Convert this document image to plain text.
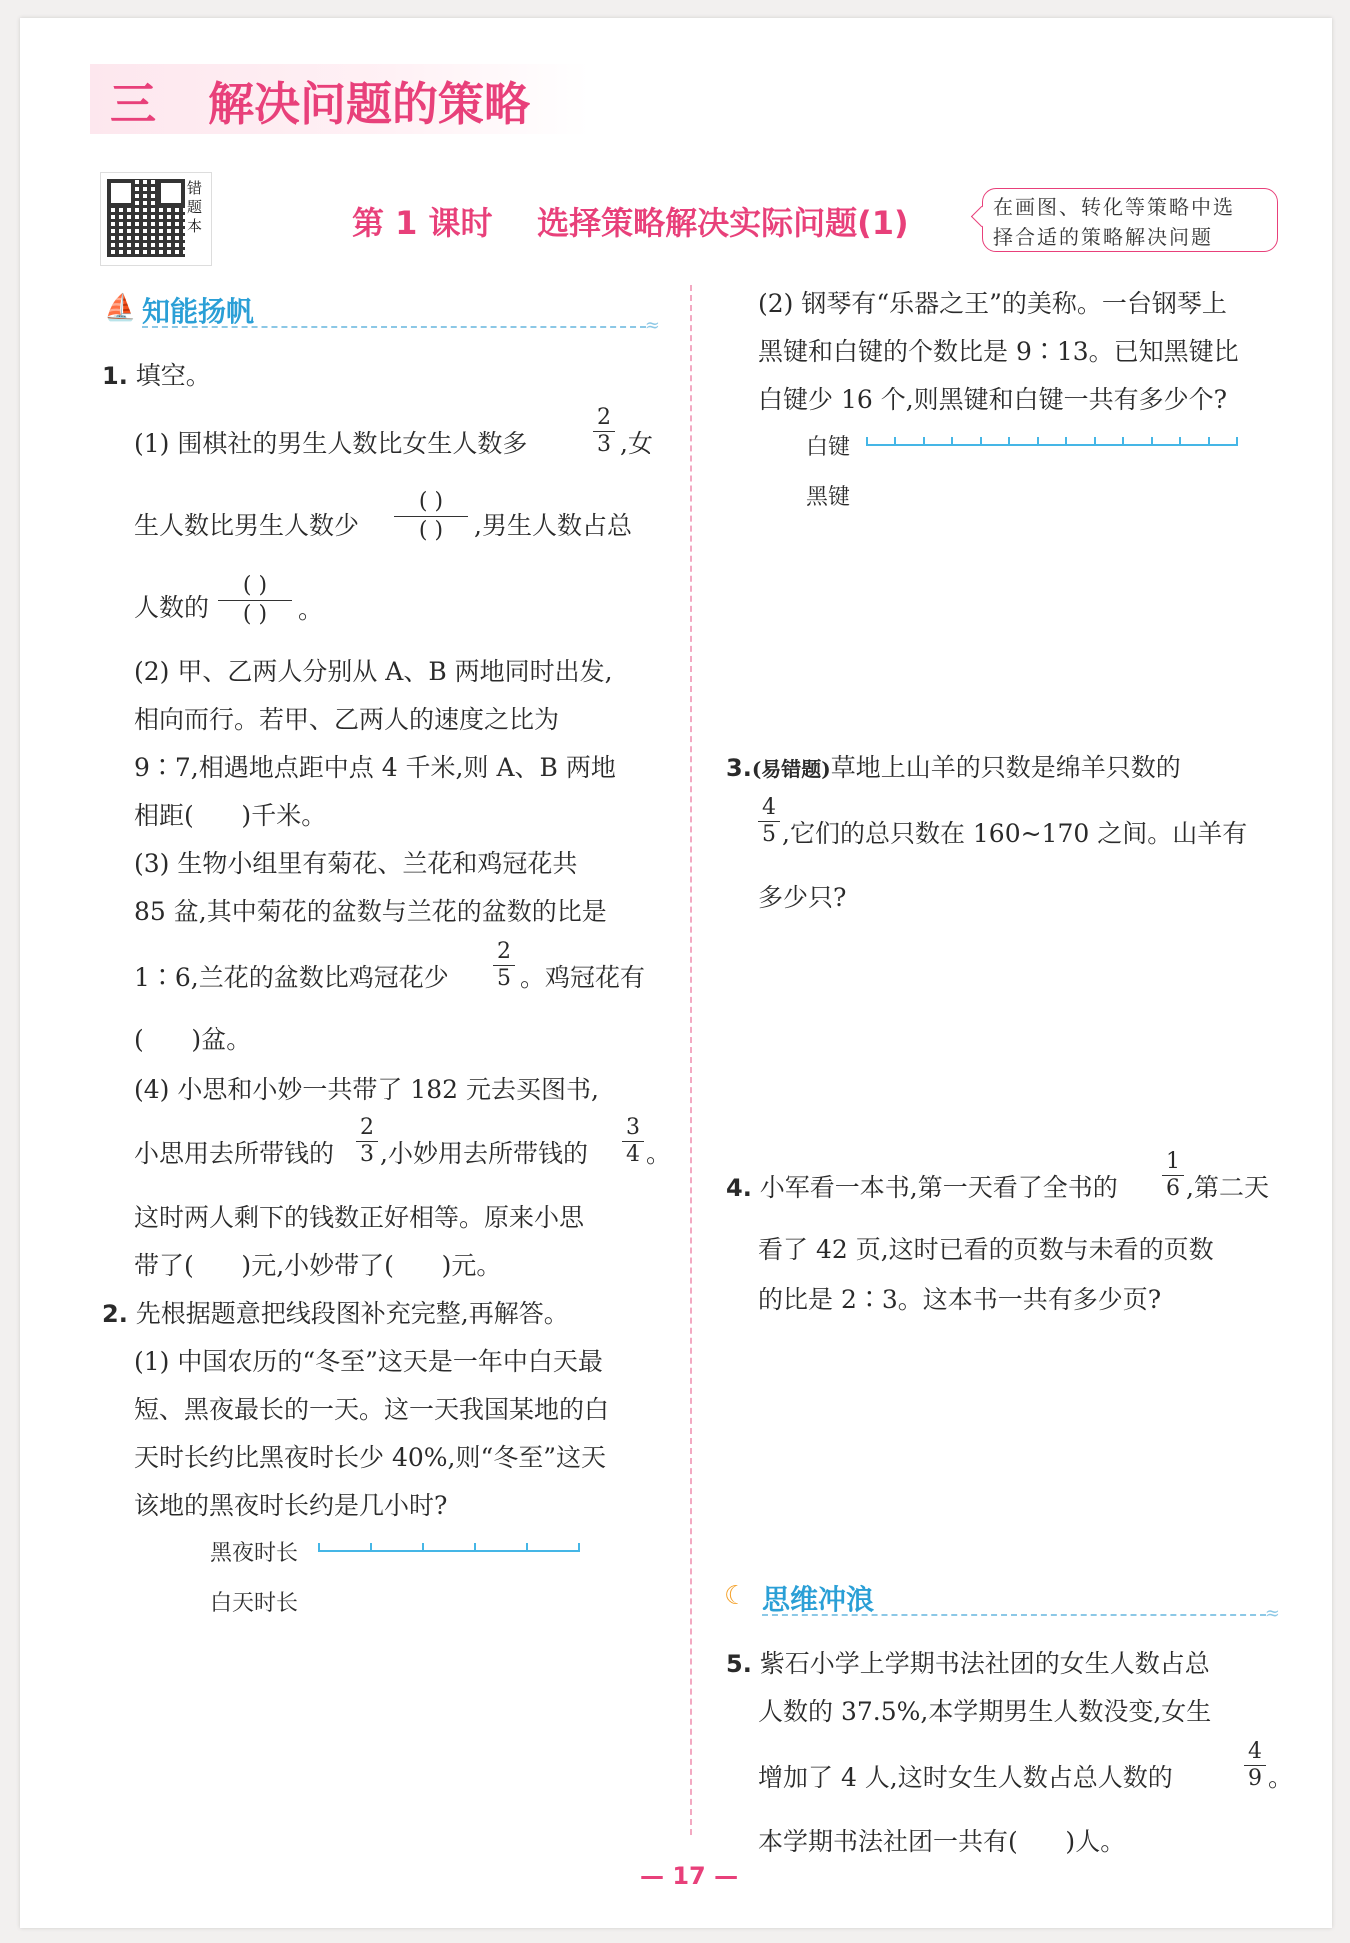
三 解决问题的策略
错题本	第 1 课时    选择策略解决实际问题(1)	在画图、转化等策略中选
择合适的策略解决问题
⛵ 知能扬帆	≈
1. 填空。
(1) 围棋社的男生人数比女生人数多
2
3 ,女
生人数比男生人数少
( )
( )	,男生人数占总
人数的
( )
( )	。
(2) 甲、乙两人分别从 A、B 两地同时出发,
相向而行。若甲、乙两人的速度之比为
9∶7,相遇地点距中点 4 千米,则 A、B 两地
相距(      )千米。
(3) 生物小组里有菊花、兰花和鸡冠花共
85 盆,其中菊花的盆数与兰花的盆数的比是
1∶6,兰花的盆数比鸡冠花少
2
5 。鸡冠花有
(      )盆。
(4) 小思和小妙一共带了 182 元去买图书,
小思用去所带钱的
2
3 ,小妙用去所带钱的
3
4 。
这时两人剩下的钱数正好相等。原来小思
带了(      )元,小妙带了(      )元。
2. 先根据题意把线段图补充完整,再解答。
(1) 中国农历的“冬至”这天是一年中白天最
短、黑夜最长的一天。这一天我国某地的白
天时长约比黑夜时长少 40%,则“冬至”这天
该地的黑夜时长约是几小时?
黑夜时长
白天时长
(2) 钢琴有“乐器之王”的美称。一台钢琴上
黑键和白键的个数比是 9∶13。已知黑键比
白键少 16 个,则黑键和白键一共有多少个?
白键
黑键
3.(易错题)草地上山羊的只数是绵羊只数的
4
5 ,它们的总只数在 160~170 之间。山羊有
多少只?
4. 小军看一本书,第一天看了全书的
1
6 ,第二天
看了 42 页,这时已看的页数与未看的页数
的比是 2∶3。这本书一共有多少页?
☾ 思维冲浪	≈
5. 紫石小学上学期书法社团的女生人数占总
人数的 37.5%,本学期男生人数没变,女生
增加了 4 人,这时女生人数占总人数的
4
9 。
本学期书法社团一共有(      )人。
— 17 —
